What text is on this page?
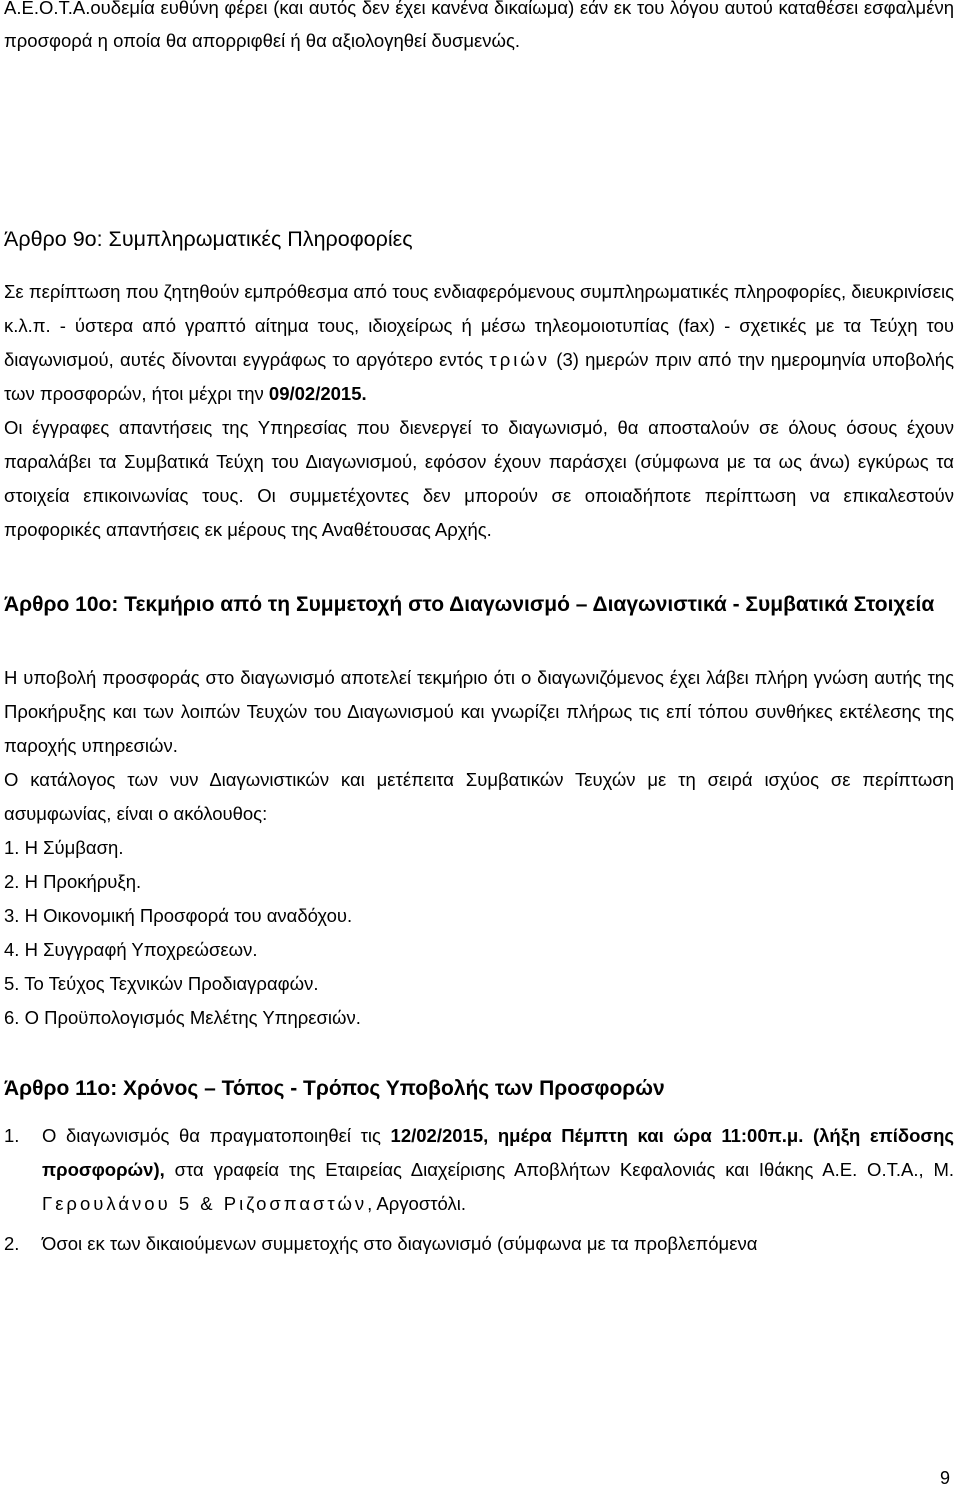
Α.Ε.Ο.Τ.Α.ουδεμία ευθύνη φέρει (και αυτός δεν έχει κανένα δικαίωμα) εάν εκ του λόγου αυτού καταθέσει εσφαλμένη προσφορά η οποία θα απορριφθεί ή θα αξιολογηθεί δυσμενώς.

Άρθρο 9ο: Συμπληρωματικές Πληροφορίες

Σε περίπτωση που ζητηθούν εμπρόθεσμα από τους ενδιαφερόμενους συμπληρωματικές πληροφορίες, διευκρινίσεις κ.λ.π. - ύστερα από γραπτό αίτημα τους, ιδιοχείρως ή μέσω τηλεομοιοτυπίας (fax) - σχετικές με τα Τεύχη του διαγωνισμού, αυτές δίνονται εγγράφως το αργότερο εντός τριών (3) ημερών πριν από την ημερομηνία υποβολής των προσφορών, ήτοι μέχρι την 09/02/2015.

Οι έγγραφες απαντήσεις της Υπηρεσίας που διενεργεί το διαγωνισμό, θα αποσταλούν σε όλους όσους έχουν παραλάβει τα Συμβατικά Τεύχη του Διαγωνισμού, εφόσον έχουν παράσχει (σύμφωνα με τα ως άνω) εγκύρως τα στοιχεία επικοινωνίας τους. Οι συμμετέχοντες δεν μπορούν σε οποιαδήποτε περίπτωση να επικαλεστούν προφορικές απαντήσεις εκ μέρους της Αναθέτουσας Αρχής.

Άρθρο 10ο: Τεκμήριο από τη Συμμετοχή στο Διαγωνισμό – Διαγωνιστικά - Συμβατικά Στοιχεία

Η υποβολή προσφοράς στο διαγωνισμό αποτελεί τεκμήριο ότι ο διαγωνιζόμενος έχει λάβει πλήρη γνώση αυτής της Προκήρυξης και των λοιπών Τευχών του Διαγωνισμού και γνωρίζει πλήρως τις επί τόπου συνθήκες εκτέλεσης της παροχής υπηρεσιών.

Ο κατάλογος των νυν Διαγωνιστικών και μετέπειτα Συμβατικών Τευχών με τη σειρά ισχύος σε περίπτωση ασυμφωνίας, είναι ο ακόλουθος:

1. Η Σύμβαση.

2. Η Προκήρυξη.

3. Η Οικονομική Προσφορά του αναδόχου.

4. Η Συγγραφή Υποχρεώσεων.

5. Το Τεύχος Τεχνικών Προδιαγραφών.

6. Ο Προϋπολογισμός Μελέτης Υπηρεσιών.

Άρθρο 11ο: Χρόνος – Τόπος - Τρόπος Υποβολής των Προσφορών

1. Ο διαγωνισμός θα πραγματοποιηθεί τις 12/02/2015, ημέρα Πέμπτη και ώρα 11:00π.μ. (λήξη επίδοσης προσφορών), στα γραφεία της Εταιρείας Διαχείρισης Αποβλήτων Κεφαλονιάς και Ιθάκης Α.Ε. Ο.Τ.Α., Μ. Γερουλάνου 5 & Ριζοσπαστών, Αργοστόλι.
2. Όσοι εκ των δικαιούμενων συμμετοχής στο διαγωνισμό (σύμφωνα με τα προβλεπόμενα
9
